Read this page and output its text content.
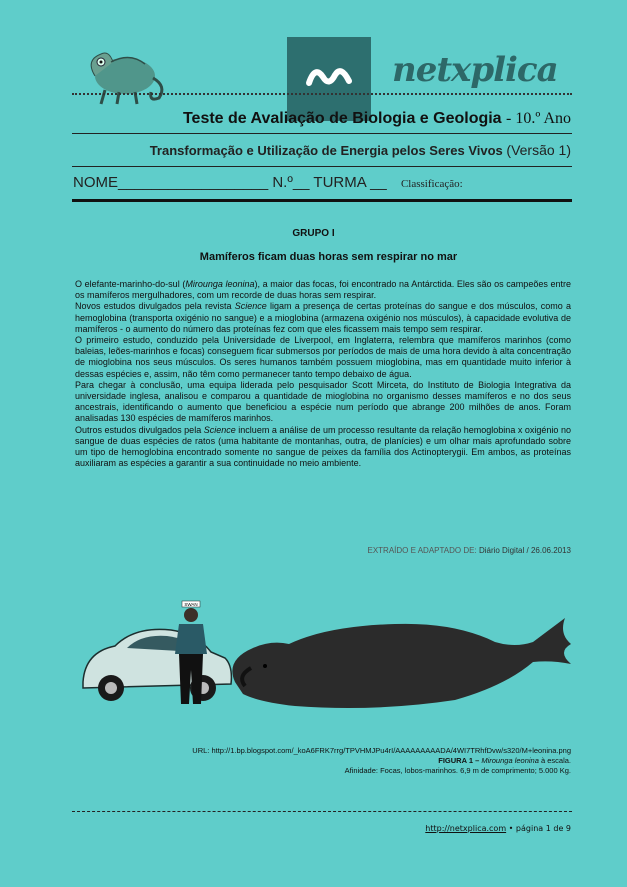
netxplica
Teste de Avaliação de Biologia e Geologia - 10.º Ano
Transformação e Utilização de Energia pelos Seres Vivos (Versão 1)
NOME__________________ N.º__ TURMA __ Classificação:
GRUPO I
Mamíferos ficam duas horas sem respirar no mar

O elefante-marinho-do-sul (Mirounga leonina), a maior das focas, foi encontrado na Antárctida. Eles são os campeões entre os mamíferos mergulhadores, com um recorde de duas horas sem respirar.

Novos estudos divulgados pela revista Science ligam a presença de certas proteínas do sangue e dos músculos, como a hemoglobina (transporta oxigénio no sangue) e a mioglobina (armazena oxigénio nos músculos), à capacidade evolutiva de mamíferos - o aumento do número das proteínas fez com que eles ficassem mais tempo sem respirar.

O primeiro estudo, conduzido pela Universidade de Liverpool, em Inglaterra, relembra que mamíferos marinhos (como baleias, leões-marinhos e focas) conseguem ficar submersos por períodos de mais de uma hora devido à alta concentração de mioglobina nos seus músculos. Os seres humanos também possuem mioglobina, mas em quantidade muito inferior à dessas espécies e, assim, não têm como permanecer tanto tempo debaixo de água.

Para chegar à conclusão, uma equipa liderada pelo pesquisador Scott Mirceta, do Instituto de Biologia Integrativa da universidade inglesa, analisou e comparou a quantidade de mioglobina no organismo desses mamíferos e no dos seus ancestrais, identificando o aumento que beneficiou a espécie num período que abrange 200 milhões de anos. Foram analisadas 130 espécies de mamíferos marinhos.

Outros estudos divulgados pela Science incluem a análise de um processo resultante da relação hemoglobina x oxigénio no sangue de duas espécies de ratos (uma habitante de montanhas, outra, de planícies) e um olhar mais aprofundado sobre um tipo de hemoglobina encontrado somente no sangue de peixes da família dos Actinopterygii. Em ambos, as proteínas auxiliaram as espécies a garantir a sua continuidade no meio ambiente.

EXTRAÍDO E ADAPTADO DE: Diário Digital / 26.06.2013
SWAN
URL: http://1.bp.blogspot.com/_koA6FRK7rrg/TPVHMJPu4rI/AAAAAAAAADA/4WI7TRhfDvw/s320/M+leonina.png
FIGURA 1 – Mirounga leonina à escala.
Afinidade: Focas, lobos-marinhos. 6,9 m de comprimento; 5.000 Kg.
http://netxplica.com • página 1 de 9
